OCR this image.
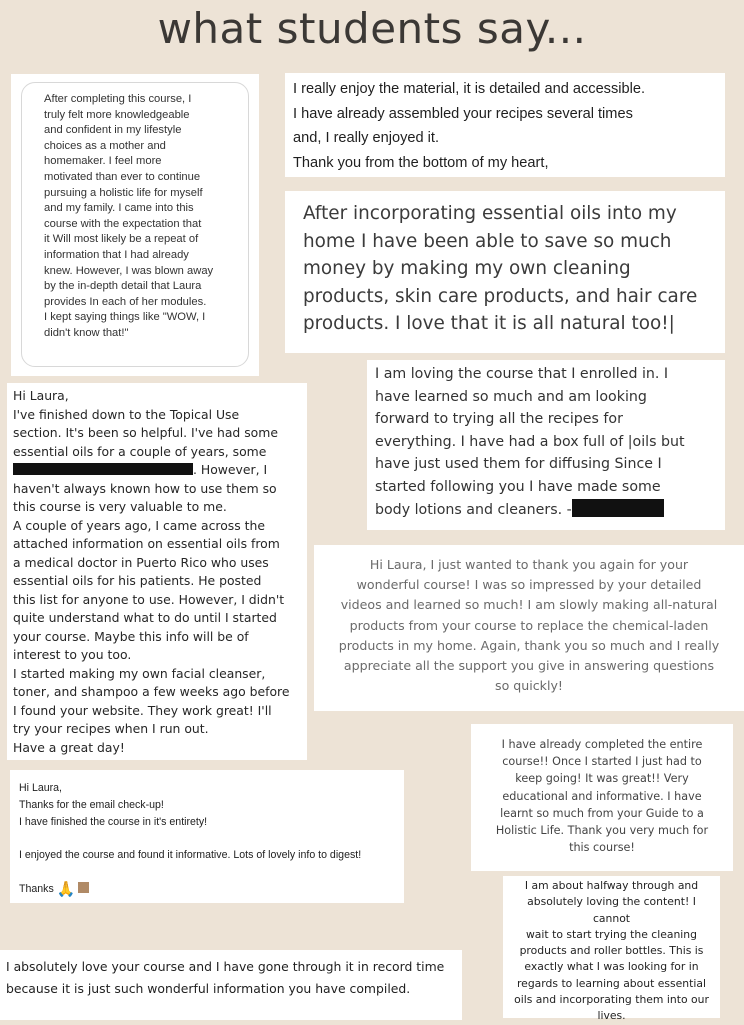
what students say...

After completing this course, I

truly felt more knowledgeable

and confident in my lifestyle

choices as a mother and

homemaker. I feel more

motivated than ever to continue

pursuing a holistic life for myself

and my family. I came into this

course with the expectation that

it Will most likely be a repeat of

information that I had already

knew. However, I was blown away

by the in-depth detail that Laura

provides In each of her modules.

I kept saying things like "WOW, I

didn't know that!"

I really enjoy the material, it is detailed and accessible.

I have already assembled your recipes several times

and, I really enjoyed it.

Thank you from the bottom of my heart,

After incorporating essential oils into my

home I have been able to save so much

money by making my own cleaning

products, skin care products, and hair care

products. I love that it is all natural too!|

Hi Laura,

I've finished down to the Topical Use

section. It's been so helpful. I've had some

essential oils for a couple of years, some

. However, I

haven't always known how to use them so

this course is very valuable to me.

A couple of years ago, I came across the

attached information on essential oils from

a medical doctor in Puerto Rico who uses

essential oils for his patients. He posted

this list for anyone to use. However, I didn't

quite understand what to do until I started

your course. Maybe this info will be of

interest to you too.

I started making my own facial cleanser,

toner, and shampoo a few weeks ago before

I found your website. They work great! I'll

try your recipes when I run out.

Have a great day!

I am loving the course that I enrolled in. I

have learned so much and am looking

forward to trying all the recipes for

everything. I have had a box full of |oils but

have just used them for diffusing Since I

started following you I have made some

body lotions and cleaners. -

Hi Laura, I just wanted to thank you again for your

wonderful course! I was so impressed by your detailed

videos and learned so much! I am slowly making all-natural

products from your course to replace the chemical-laden

products in my home. Again, thank you so much and I really

appreciate all the support you give in answering questions

so quickly!

I have already completed the entire

course!! Once I started I just had to

keep going! It was great!! Very

educational and informative. I have

learnt so much from your Guide to a

Holistic Life. Thank you very much for

this course!

Hi Laura,

Thanks for the email check-up!

I have finished the course in it's entirety!

I enjoyed the course and found it informative. Lots of lovely info to digest!

Thanks 🙏	I am about halfway through and

absolutely loving the content! I cannot

wait to start trying the cleaning

products and roller bottles. This is

exactly what I was looking for in

regards to learning about essential

oils and incorporating them into our

lives.

I absolutely love your course and I have gone through it in record time

because it is just such wonderful information you have compiled.
